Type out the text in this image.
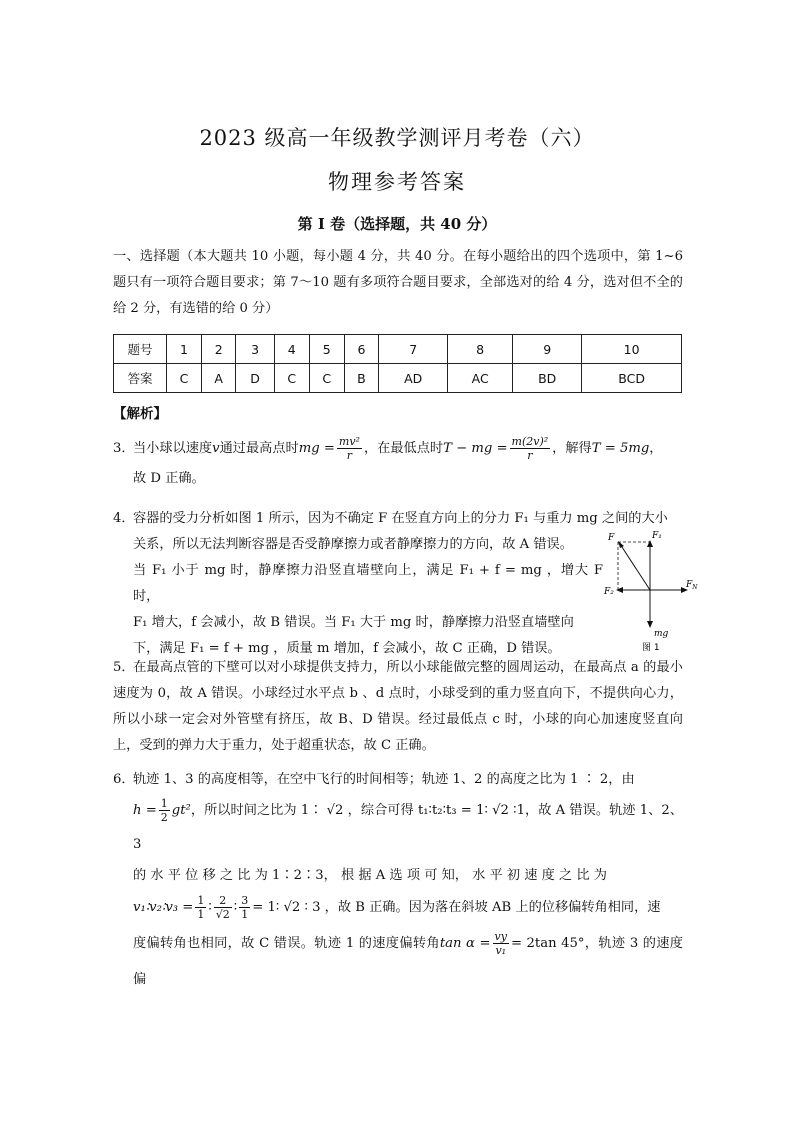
2023 级高一年级教学测评月考卷（六）
物理参考答案
第 I 卷（选择题，共 40 分）
一、选择题（本大题共 10 小题，每小题 4 分，共 40 分。在每小题给出的四个选项中，第 1~6 题只有一项符合题目要求；第 7～10 题有多项符合题目要求，全部选对的给 4 分，选对但不全的给 2 分，有选错的给 0 分）
题号	1	2	3	4	5	6	7	8	9	10
答案	C	A	D	C	C	B	AD	AC	BD	BCD
【解析】
3．当小球以速度v通过最高点时mg = $\frac{\text{mv²}}{r}$ ，在最低点时T − mg = $\frac{\text{m(2v)²}}{r}$ ，解得T = 5mg，
故 D 正确。
4．容器的受力分析如图 1 所示，因为不确定 F 在竖直方向上的分力 F₁ 与重力 mg 之间的大小
关系，所以无法判断容器是否受静摩擦力或者静摩擦力的方向，故 A 错误。
当 F₁ 小于 mg 时，静摩擦力沿竖直墙壁向上，满足 F₁ + f = mg ，增大 F 时，
F₁ 增大，f 会减小，故 B 错误。当 F₁ 大于 mg 时，静摩擦力沿竖直墙壁向
下，满足 F₁ = f + mg ，质量 m 增加，f 会减小，故 C 正确，D 错误。
F	F₁
F₂
$F_N$
mg
图 1
5．在最高点管的下壁可以对小球提供支持力，所以小球能做完整的圆周运动，在最高点 a 的最小速度为 0，故 A 错误。小球经过水平点 b 、d 点时，小球受到的重力竖直向下，不提供向心力，所以小球一定会对外管壁有挤压，故 B、D 错误。经过最低点 c 时，小球的向心加速度竖直向上，受到的弹力大于重力，处于超重状态，故 C 正确。
6．轨迹 1、3 的高度相等，在空中飞行的时间相等；轨迹 1、2 的高度之比为 1 ∶ 2，由
$h = \frac{1}{2} gt^2$，所以时间之比为 1∶ √2 ，综合可得 t₁∶t₂∶t₃ = 1∶ √2 ∶1，故 A 错误。轨迹 1、2、3
的 水 平 位 移 之 比 为 1∶2∶3， 根 据 A 选 项 可 知， 水 平 初 速 度 之 比 为
v₁∶v₂∶v₃ = $\frac{1}{1}$ ∶ $\frac{2}{√2}$ ∶ $\frac{3}{1}$ = 1∶ √2 ∶ 3 ，故 B 正确。因为落在斜坡 AB 上的位移偏转角相同，速
度偏转角也相同，故 C 错误。轨迹 1 的速度偏转角$\tan \alpha = \frac{vy}{\text{v₁}} = 2\tan$ 45°，轨迹 3 的速度偏
